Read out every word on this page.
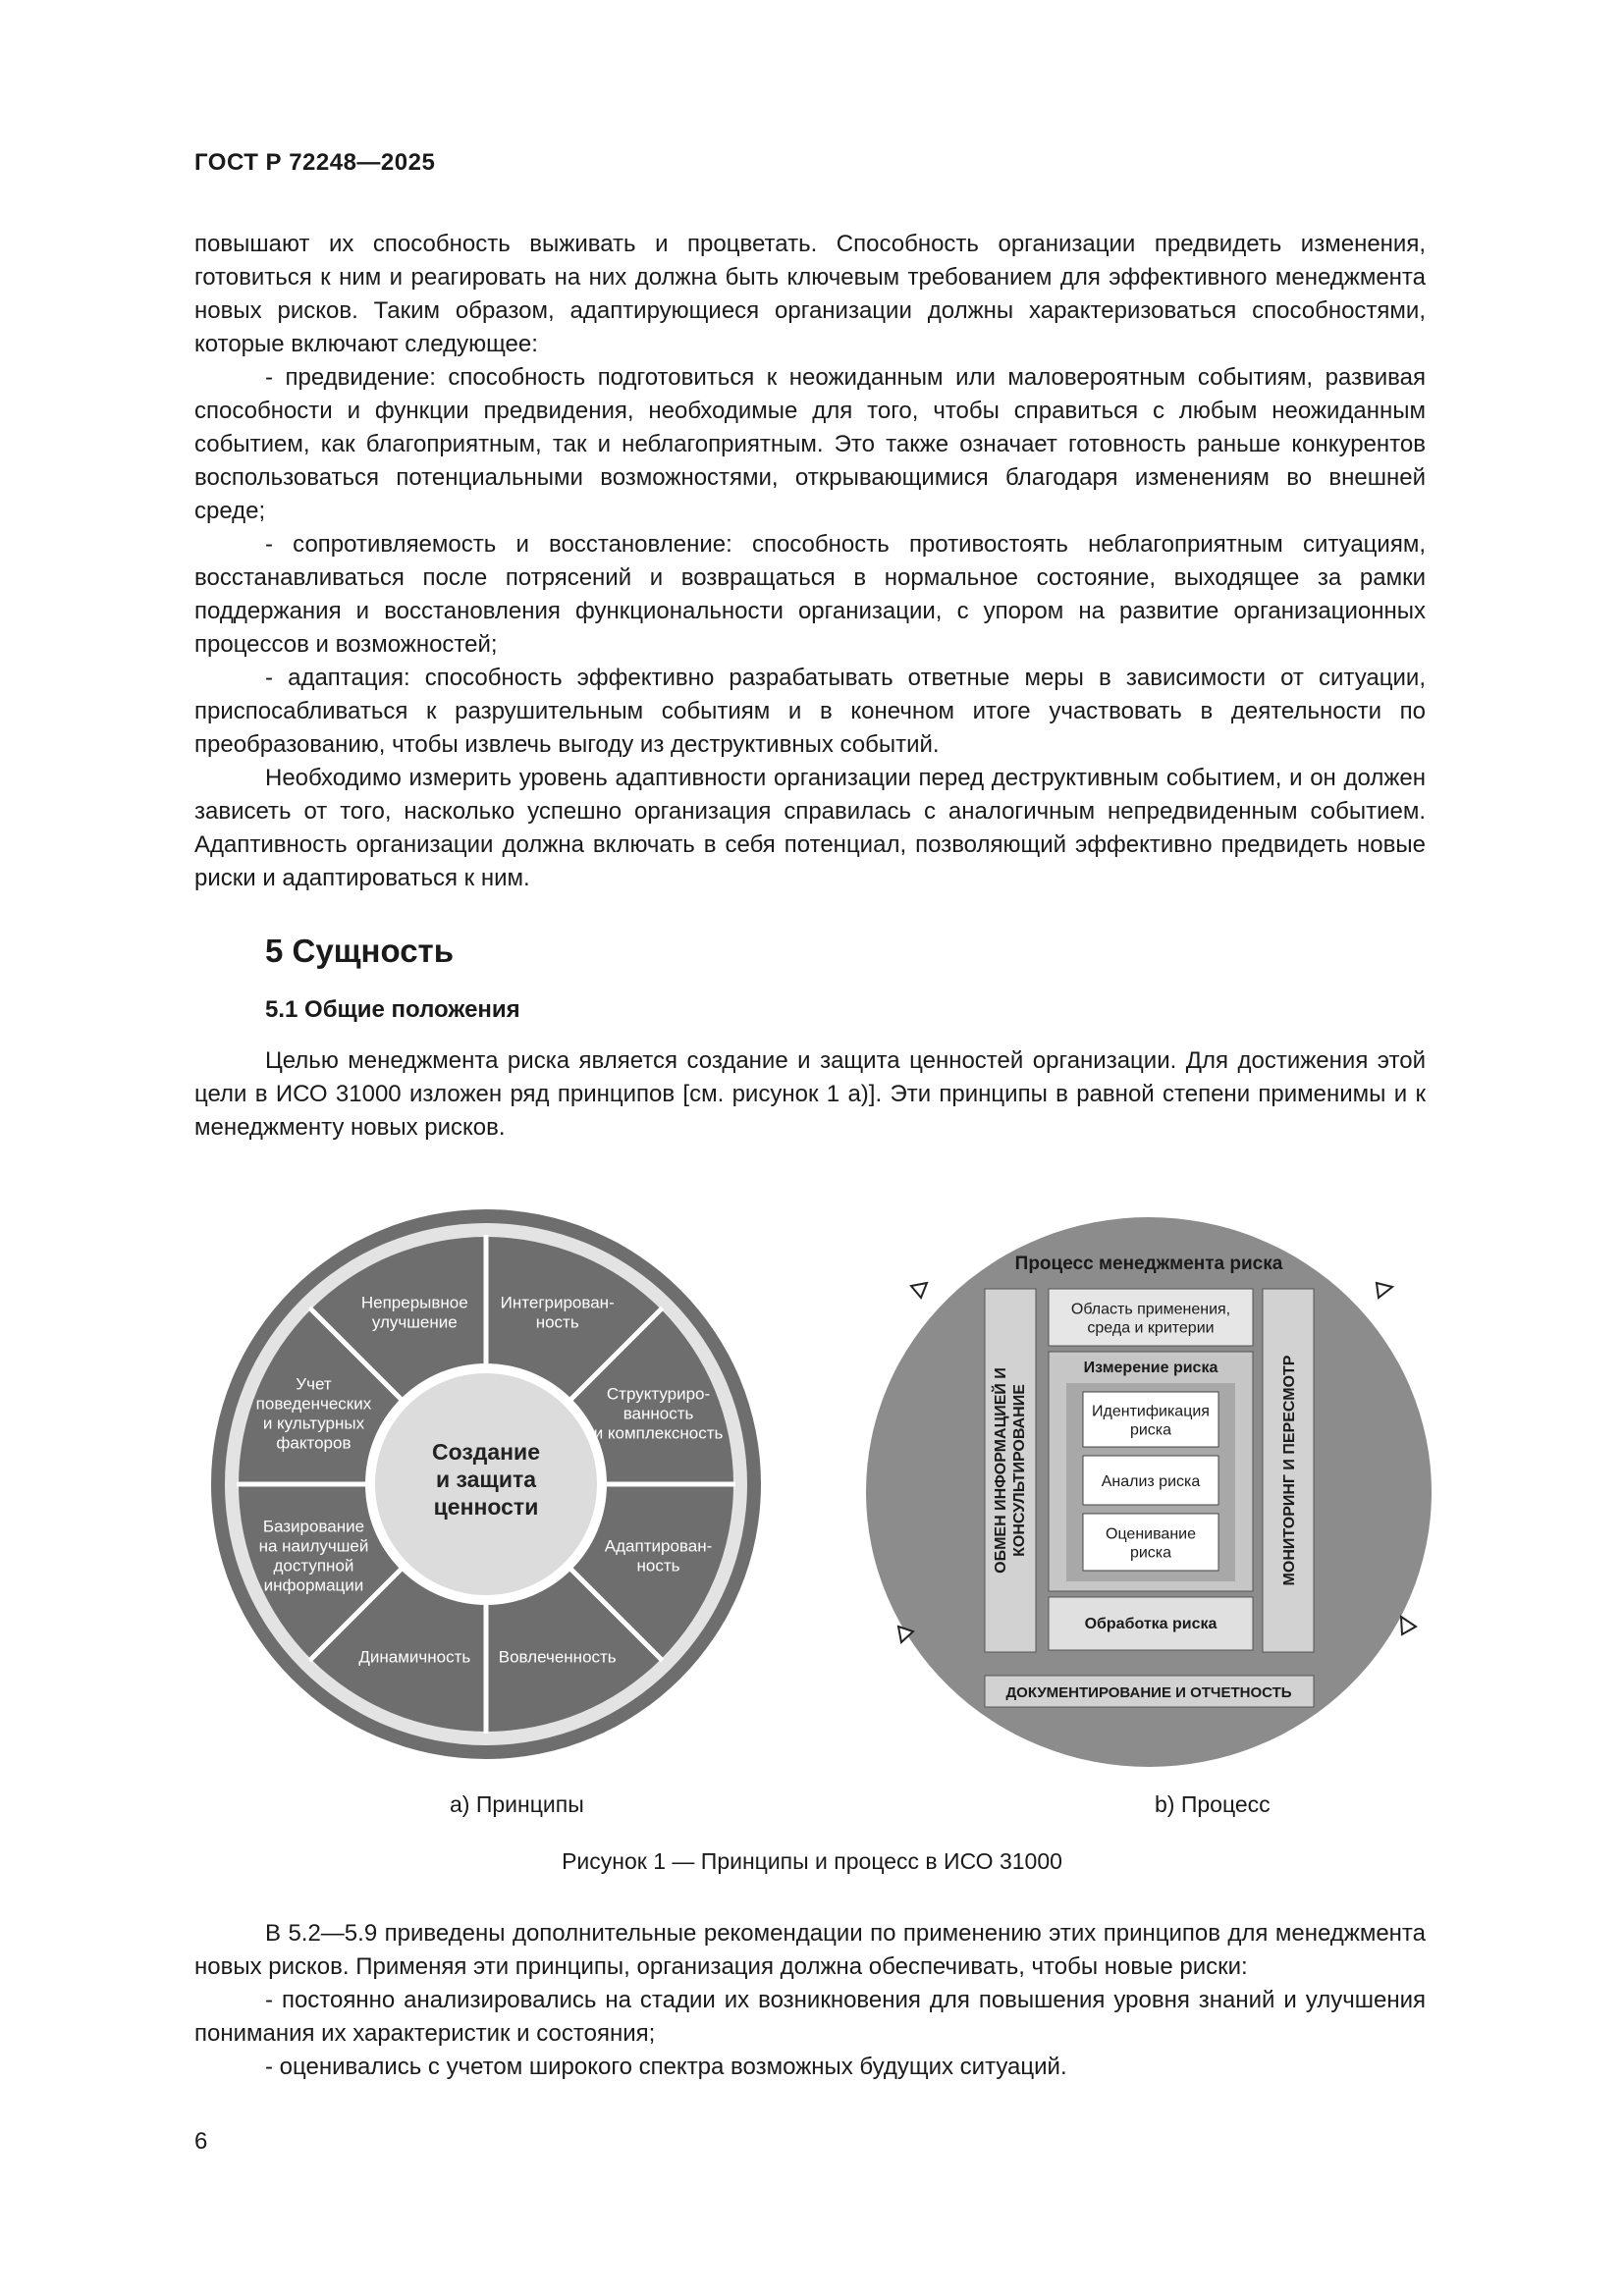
ГОСТ Р 72248—2025

повышают их способность выживать и процветать. Способность организации предвидеть изменения, готовиться к ним и реагировать на них должна быть ключевым требованием для эффективного менеджмента новых рисков. Таким образом, адаптирующиеся организации должны характеризоваться способностями, которые включают следующее:

- предвидение: способность подготовиться к неожиданным или маловероятным событиям, развивая способности и функции предвидения, необходимые для того, чтобы справиться с любым неожиданным событием, как благоприятным, так и неблагоприятным. Это также означает готовность раньше конкурентов воспользоваться потенциальными возможностями, открывающимися благодаря изменениям во внешней среде;

- сопротивляемость и восстановление: способность противостоять неблагоприятным ситуациям, восстанавливаться после потрясений и возвращаться в нормальное состояние, выходящее за рамки поддержания и восстановления функциональности организации, с упором на развитие организационных процессов и возможностей;

- адаптация: способность эффективно разрабатывать ответные меры в зависимости от ситуации, приспосабливаться к разрушительным событиям и в конечном итоге участвовать в деятельности по преобразованию, чтобы извлечь выгоду из деструктивных событий.

Необходимо измерить уровень адаптивности организации перед деструктивным событием, и он должен зависеть от того, насколько успешно организация справилась с аналогичным непредвиденным событием. Адаптивность организации должна включать в себя потенциал, позволяющий эффективно предвидеть новые риски и адаптироваться к ним.

5 Сущность
5.1 Общие положения

Целью менеджмента риска является создание и защита ценностей организации. Для достижения этой цели в ИСО 31000 изложен ряд принципов [см. рисунок 1 а)]. Эти принципы в равной степени применимы и к менеджменту новых рисков.

Интегрирован-ность
Структуриро-ванность и комплексность
Адаптирован-ность
Вовлеченность
Динамичность
Базирование на наилучшей доступной информации
Учет поведенческих и культурных факторов
Непрерывное улучшение
Создание и защита ценности
Процесс менеджмента риска
ОБМЕН ИНФОРМАЦИЕЙ И КОНСУЛЬТИРОВАНИЕ	МОНИТОРИНГ И ПЕРЕСМОТР
Область применения, среда и критерии
Измерение риска
Идентификация риска
Анализ риска
Оценивание риска
Обработка риска
ДОКУМЕНТИРОВАНИЕ И ОТЧЕТНОСТЬ
а) Принципы	b) Процесс
Рисунок 1 — Принципы и процесс в ИСО 31000

В 5.2—5.9 приведены дополнительные рекомендации по применению этих принципов для менеджмента новых рисков. Применяя эти принципы, организация должна обеспечивать, чтобы новые риски:

- постоянно анализировались на стадии их возникновения для повышения уровня знаний и улучшения понимания их характеристик и состояния;

- оценивались с учетом широкого спектра возможных будущих ситуаций.

6
